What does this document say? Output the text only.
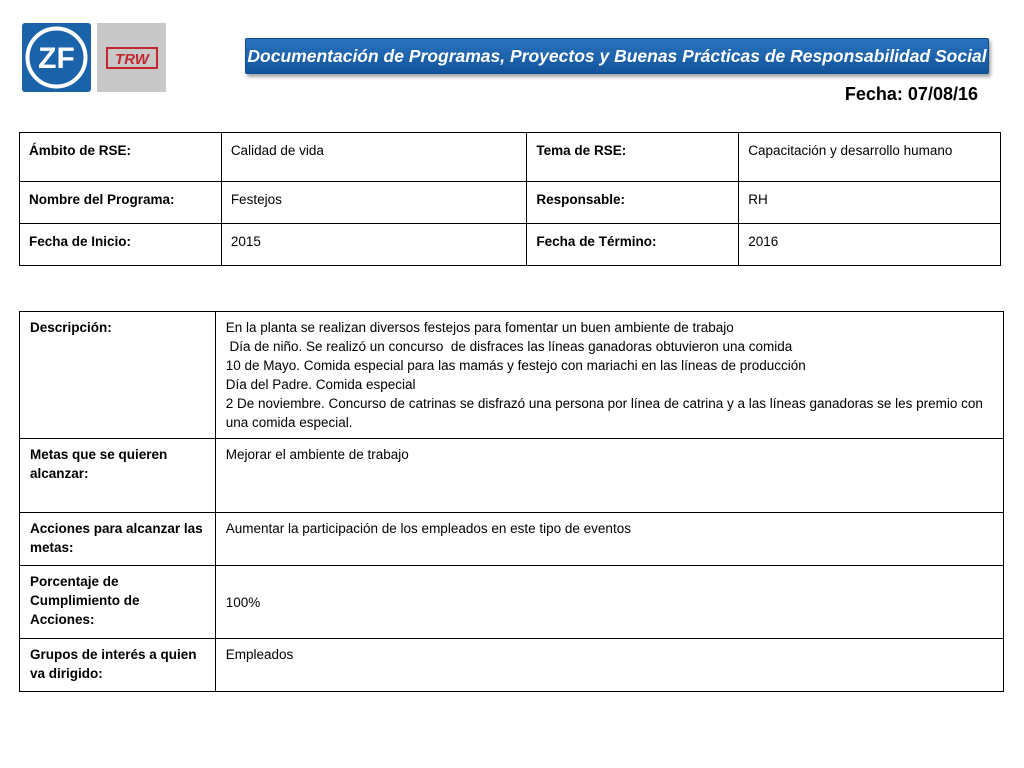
ZF	TRW	Documentación de Programas, Proyectos y Buenas Prácticas de Responsabilidad Social
Fecha: 07/08/16
Ámbito de RSE:	Calidad de vida	Tema de RSE:	Capacitación y desarrollo humano
Nombre del Programa:	Festejos	Responsable:	RH
Fecha de Inicio:	2015	Fecha de Término:	2016
Descripción:	En la planta se realizan diversos festejos para fomentar un buen ambiente de trabajo
Día de niño. Se realizó un concurso  de disfraces las líneas ganadoras obtuvieron una comida
10 de Mayo. Comida especial para las mamás y festejo con mariachi en las líneas de producción
Día del Padre. Comida especial
2 De noviembre. Concurso de catrinas se disfrazó una persona por línea de catrina y a las líneas ganadoras se les premio con una comida especial.

Metas que se quieren alcanzar:	Mejorar el ambiente de trabajo
Acciones para alcanzar las metas:	Aumentar la participación de los empleados en este tipo de eventos
Porcentaje de Cumplimiento de Acciones:	100%
Grupos de interés a quien va dirigido:	Empleados
